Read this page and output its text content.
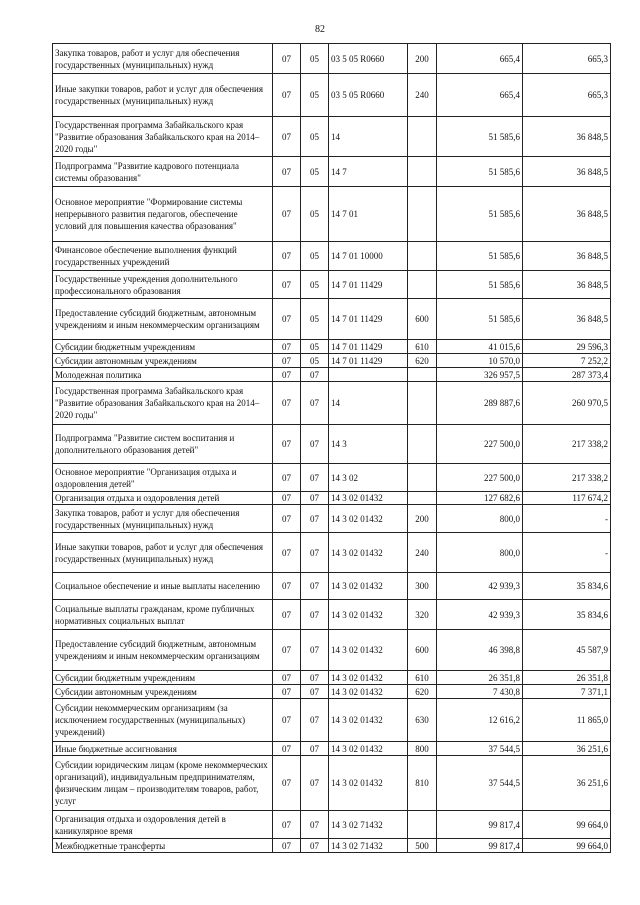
82
Закупка товаров, работ и услуг для обеспечения государственных (муниципальных) нужд	07	05	03 5 05 R0660	200	665,4	665,3
Иные закупки товаров, работ и услуг для обеспечения государственных (муниципальных) нужд	07	05	03 5 05 R0660	240	665,4	665,3
Государственная программа Забайкальского края "Развитие образования Забайкальского края на 2014–2020 годы"	07	05	14		51 585,6	36 848,5
Подпрограмма "Развитие кадрового потенциала системы образования"	07	05	14 7		51 585,6	36 848,5
Основное мероприятие "Формирование системы непрерывного развития педагогов, обеспечение условий для повышения качества образования"	07	05	14 7 01		51 585,6	36 848,5
Финансовое обеспечение выполнения функций государственных учреждений	07	05	14 7 01 10000		51 585,6	36 848,5
Государственные учреждения дополнительного профессионального образования	07	05	14 7 01 11429		51 585,6	36 848,5
Предоставление субсидий бюджетным, автономным учреждениям и иным некоммерческим организациям	07	05	14 7 01 11429	600	51 585,6	36 848,5
Субсидии бюджетным учреждениям	07	05	14 7 01 11429	610	41 015,6	29 596,3
Субсидии автономным учреждениям	07	05	14 7 01 11429	620	10 570,0	7 252,2
Молодежная политика	07	07			326 957,5	287 373,4
Государственная программа Забайкальского края "Развитие образования Забайкальского края на 2014–2020 годы"	07	07	14		289 887,6	260 970,5
Подпрограмма "Развитие систем воспитания и дополнительного образования детей"	07	07	14 3		227 500,0	217 338,2
Основное мероприятие "Организация отдыха и оздоровления детей"	07	07	14 3 02		227 500,0	217 338,2
Организация отдыха и оздоровления детей	07	07	14 3 02 01432		127 682,6	117 674,2
Закупка товаров, работ и услуг для обеспечения государственных (муниципальных) нужд	07	07	14 3 02 01432	200	800,0	-
Иные закупки товаров, работ и услуг для обеспечения государственных (муниципальных) нужд	07	07	14 3 02 01432	240	800,0	-
Социальное обеспечение и иные выплаты населению	07	07	14 3 02 01432	300	42 939,3	35 834,6
Социальные выплаты гражданам, кроме публичных нормативных социальных выплат	07	07	14 3 02 01432	320	42 939,3	35 834,6
Предоставление субсидий бюджетным, автономным учреждениям и иным некоммерческим организациям	07	07	14 3 02 01432	600	46 398,8	45 587,9
Субсидии бюджетным учреждениям	07	07	14 3 02 01432	610	26 351,8	26 351,8
Субсидии автономным учреждениям	07	07	14 3 02 01432	620	7 430,8	7 371,1
Субсидии некоммерческим организациям (за исключением государственных (муниципальных) учреждений)	07	07	14 3 02 01432	630	12 616,2	11 865,0
Иные бюджетные ассигнования	07	07	14 3 02 01432	800	37 544,5	36 251,6
Субсидии юридическим лицам (кроме некоммерческих организаций), индивидуальным предпринимателям, физическим лицам – производителям товаров, работ, услуг	07	07	14 3 02 01432	810	37 544,5	36 251,6
Организация отдыха и оздоровления детей в каникулярное время	07	07	14 3 02 71432		99 817,4	99 664,0
Межбюджетные трансферты	07	07	14 3 02 71432	500	99 817,4	99 664,0
